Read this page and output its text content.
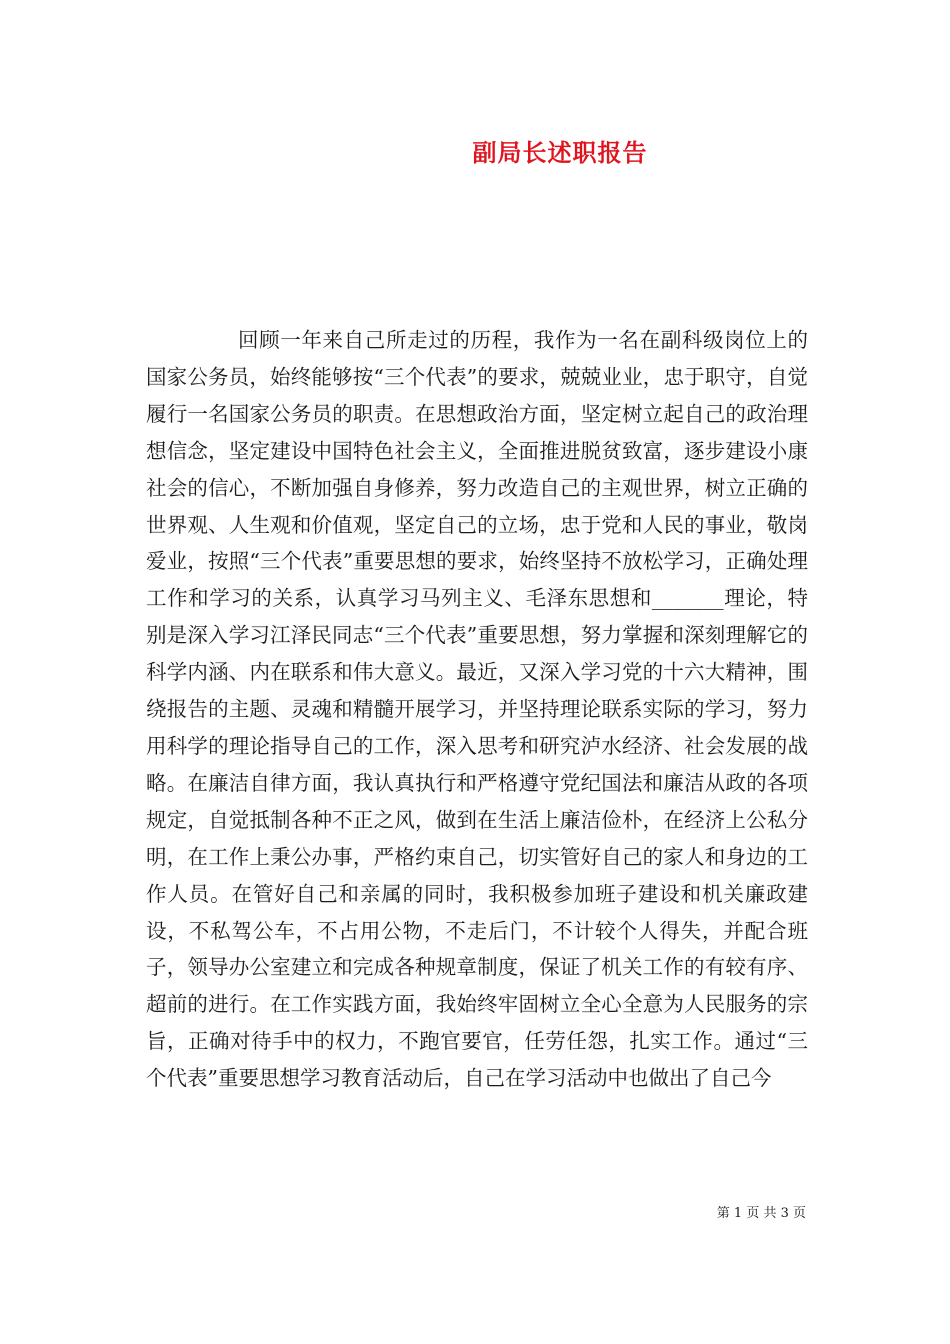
副局长述职报告

回顾一年来自己所走过的历程，我作为一名在副科级岗位上的国家公务员，始终能够按“三个代表”的要求，兢兢业业，忠于职守，自觉履行一名国家公务员的职责。在思想政治方面，坚定树立起自己的政治理想信念，坚定建设中国特色社会主义，全面推进脱贫致富，逐步建设小康社会的信心，不断加强自身修养，努力改造自己的主观世界，树立正确的世界观、人生观和价值观，坚定自己的立场，忠于党和人民的事业，敬岗爱业，按照“三个代表”重要思想的要求，始终坚持不放松学习，正确处理工作和学习的关系，认真学习马列主义、毛泽东思想和_______理论，特别是深入学习江泽民同志“三个代表”重要思想，努力掌握和深刻理解它的科学内涵、内在联系和伟大意义。最近，又深入学习党的十六大精神，围绕报告的主题、灵魂和精髓开展学习，并坚持理论联系实际的学习，努力用科学的理论指导自己的工作，深入思考和研究泸水经济、社会发展的战略。在廉洁自律方面，我认真执行和严格遵守党纪国法和廉洁从政的各项规定，自觉抵制各种不正之风，做到在生活上廉洁俭朴，在经济上公私分明，在工作上秉公办事，严格约束自己，切实管好自己的家人和身边的工作人员。在管好自己和亲属的同时，我积极参加班子建设和机关廉政建设，不私驾公车，不占用公物，不走后门，不计较个人得失，并配合班子，领导办公室建立和完成各种规章制度，保证了机关工作的有较有序、超前的进行。在工作实践方面，我始终牢固树立全心全意为人民服务的宗旨，正确对待手中的权力，不跑官要官，任劳任怨，扎实工作。通过“三个代表”重要思想学习教育活动后，自己在学习活动中也做出了自己今

第 1 页 共 3 页
